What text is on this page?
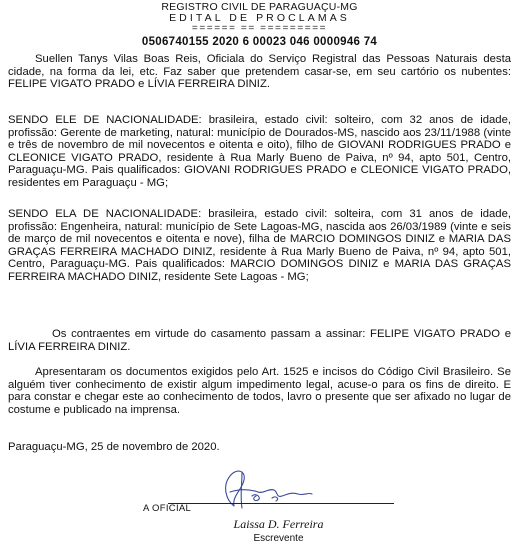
REGISTRO CIVIL DE PARAGUAÇU-MG
EDITAL DE PROCLAMAS
====== == =========
0506740155 2020 6 00023 046 0000946 74

Suellen Tanys Vilas Boas Reis, Oficiala do Serviço Registral das Pessoas Naturais desta cidade, na forma da lei, etc. Faz saber que pretendem casar-se, em seu cartório os nubentes: FELIPE VIGATO PRADO e LÍVIA FERREIRA DINIZ.

SENDO ELE DE NACIONALIDADE: brasileira, estado civil: solteiro, com 32 anos de idade, profissão: Gerente de marketing, natural: município de Dourados-MS, nascido aos 23/11/1988 (vinte e três de novembro de mil novecentos e oitenta e oito), filho de GIOVANI RODRIGUES PRADO e CLEONICE VIGATO PRADO, residente à Rua Marly Bueno de Paiva, nº 94, apto 501, Centro, Paraguaçu-MG. Pais qualificados: GIOVANI RODRIGUES PRADO e CLEONICE VIGATO PRADO, residentes em Paraguaçu - MG;

SENDO ELA DE NACIONALIDADE: brasileira, estado civil: solteira, com 31 anos de idade, profissão: Engenheira, natural: município de Sete Lagoas-MG, nascida aos 26/03/1989 (vinte e seis de março de mil novecentos e oitenta e nove), filha de MARCIO DOMINGOS DINIZ e MARIA DAS GRAÇAS FERREIRA MACHADO DINIZ, residente à Rua Marly Bueno de Paiva, nº 94, apto 501, Centro, Paraguaçu-MG. Pais qualificados: MARCIO DOMINGOS DINIZ e MARIA DAS GRAÇAS FERREIRA MACHADO DINIZ, residente Sete Lagoas - MG;

Os contraentes em virtude do casamento passam a assinar: FELIPE VIGATO PRADO e LÍVIA FERREIRA DINIZ.

Apresentaram os documentos exigidos pelo Art. 1525 e incisos do Código Civil Brasileiro. Se alguém tiver conhecimento de existir algum impedimento legal, acuse-o para os fins de direito. E para constar e chegar este ao conhecimento de todos, lavro o presente que ser afixado no lugar de costume e publicado na imprensa.

Paraguaçu-MG, 25 de novembro de 2020.
A OFICIAL
Laissa D. Ferreira
Escrevente
